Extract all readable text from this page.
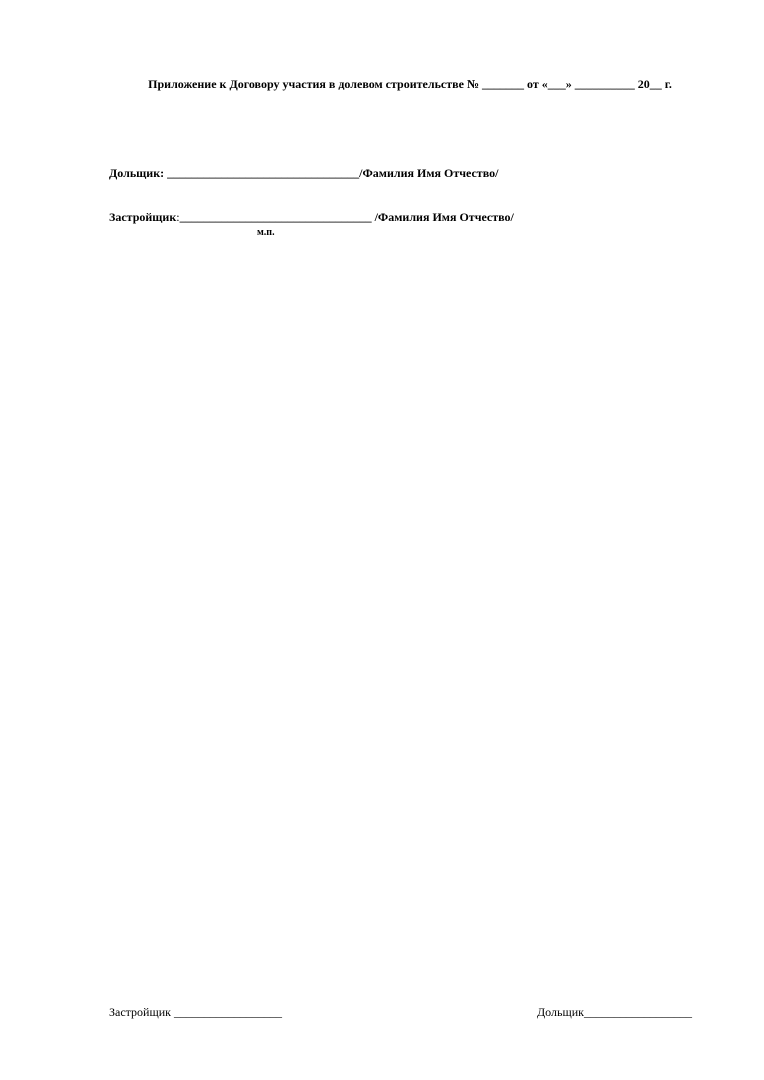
Приложение к Договору участия в долевом строительстве № _______ от «___» __________ 20__ г.
Дольщик: ________________________________/Фамилия Имя Отчество/
Застройщик:________________________________ /Фамилия Имя Отчество/
м.п.
Застройщик __________________	Дольщик__________________
